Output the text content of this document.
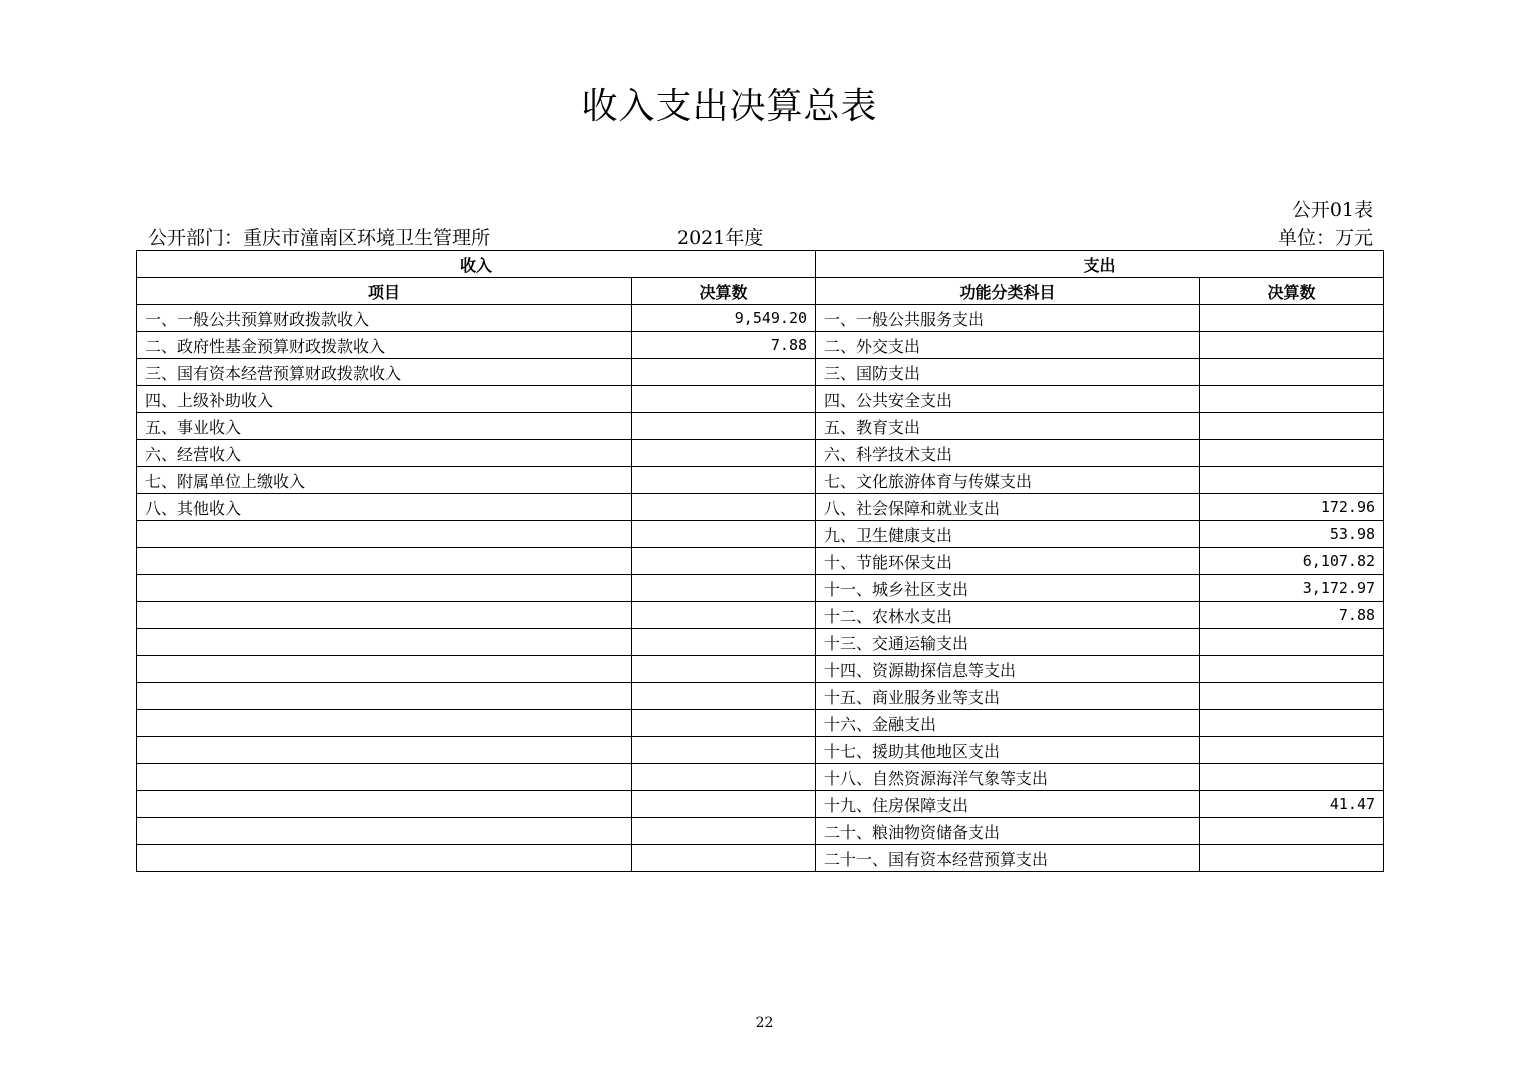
收入支出决算总表
公开01表
公开部门：重庆市潼南区环境卫生管理所	2021年度	单位：万元
收入		支出	
项目	决算数	功能分类科目	决算数
一、一般公共预算财政拨款收入	9,549.20	一、一般公共服务支出	
二、政府性基金预算财政拨款收入	7.88	二、外交支出	
三、国有资本经营预算财政拨款收入		三、国防支出	
四、上级补助收入		四、公共安全支出	
五、事业收入		五、教育支出	
六、经营收入		六、科学技术支出	
七、附属单位上缴收入		七、文化旅游体育与传媒支出	
八、其他收入		八、社会保障和就业支出	172.96
		九、卫生健康支出	53.98
		十、节能环保支出	6,107.82
		十一、城乡社区支出	3,172.97
		十二、农林水支出	7.88
		十三、交通运输支出	
		十四、资源勘探信息等支出	
		十五、商业服务业等支出	
		十六、金融支出	
		十七、援助其他地区支出	
		十八、自然资源海洋气象等支出	
		十九、住房保障支出	41.47
		二十、粮油物资储备支出	
		二十一、国有资本经营预算支出	
22
